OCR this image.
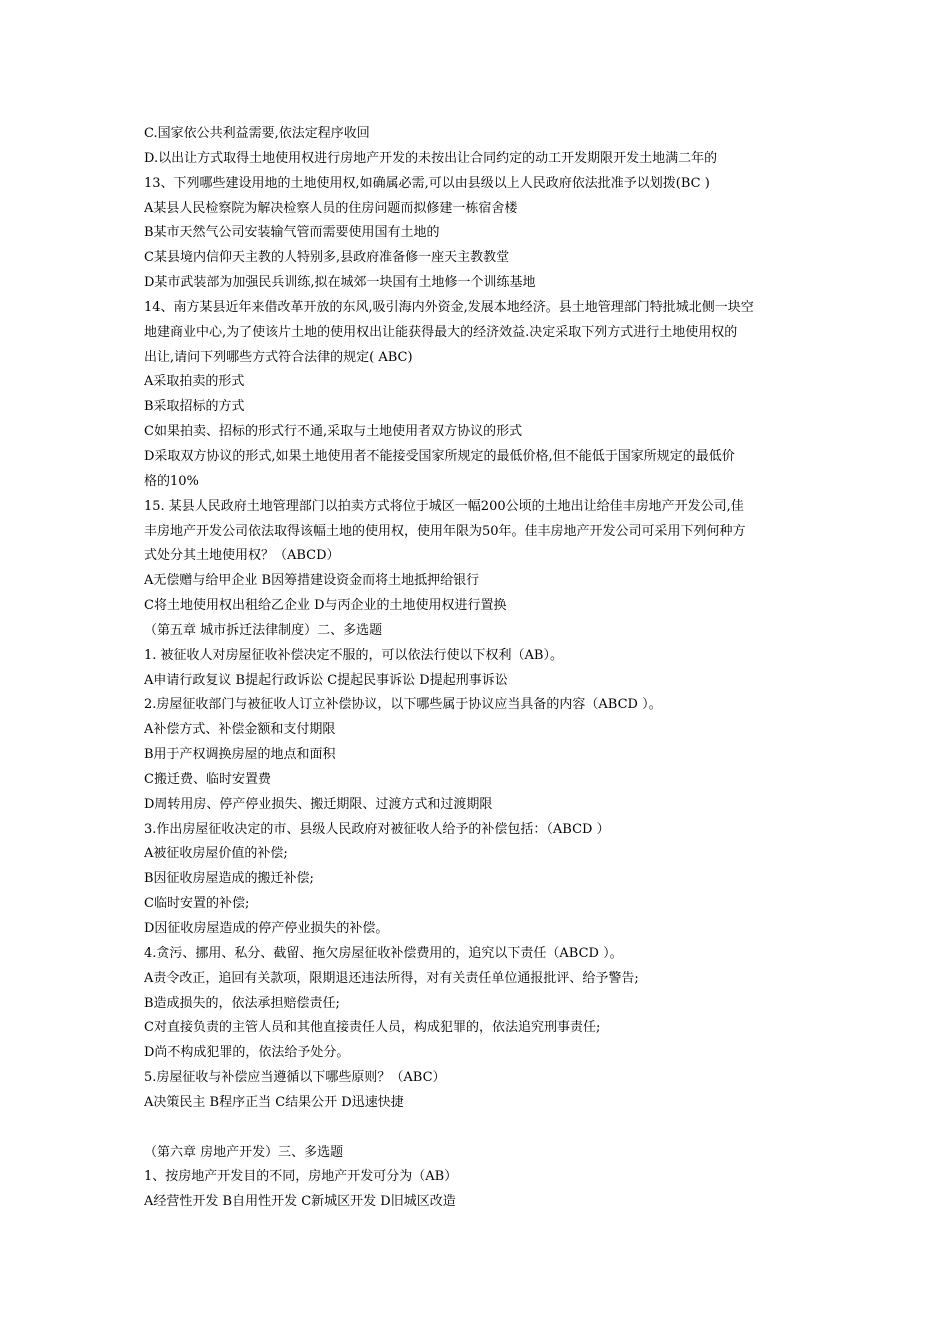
C.国家依公共利益需要,依法定程序收回
D.以出让方式取得土地使用权进行房地产开发的未按出让合同约定的动工开发期限开发土地满二年的
13、下列哪些建设用地的土地使用权,如确属必需,可以由县级以上人民政府依法批准予以划拨(BC )
A某县人民检察院为解决检察人员的住房问题而拟修建一栋宿舍楼
B某市天然气公司安装输气管而需要使用国有土地的
C某县境内信仰天主教的人特别多,县政府准备修一座天主教教堂
D某市武装部为加强民兵训练,拟在城郊一块国有土地修一个训练基地
14、南方某县近年来借改革开放的东风,吸引海内外资金,发展本地经济。县土地管理部门特批城北侧一块空
地建商业中心,为了使该片土地的使用权出让能获得最大的经济效益.决定采取下列方式进行土地使用权的
出让,请问下列哪些方式符合法律的规定( ABC)
A采取拍卖的形式
B采取招标的方式
C如果拍卖、招标的形式行不通,采取与土地使用者双方协议的形式
D采取双方协议的形式,如果土地使用者不能接受国家所规定的最低价格,但不能低于国家所规定的最低价
格的10%
15. 某县人民政府土地管理部门以拍卖方式将位于城区一幅200公顷的土地出让给佳丰房地产开发公司,佳
丰房地产开发公司依法取得该幅土地的使用权，使用年限为50年。佳丰房地产开发公司可采用下列何种方
式处分其土地使用权？（ABCD）
A无偿赠与给甲企业 B因筹措建设资金而将土地抵押给银行
C将土地使用权出租给乙企业 D与丙企业的土地使用权进行置换
（第五章 城市拆迁法律制度）二、多选题
1. 被征收人对房屋征收补偿决定不服的，可以依法行使以下权利（AB）。
A申请行政复议 B提起行政诉讼 C提起民事诉讼 D提起刑事诉讼
2.房屋征收部门与被征收人订立补偿协议，以下哪些属于协议应当具备的内容（ABCD ）。
A补偿方式、补偿金额和支付期限
B用于产权调换房屋的地点和面积
C搬迁费、临时安置费
D周转用房、停产停业损失、搬迁期限、过渡方式和过渡期限
3.作出房屋征收决定的市、县级人民政府对被征收人给予的补偿包括：（ABCD ）
A被征收房屋价值的补偿;
B因征收房屋造成的搬迁补偿;
C临时安置的补偿;
D因征收房屋造成的停产停业损失的补偿。
4.贪污、挪用、私分、截留、拖欠房屋征收补偿费用的，追究以下责任（ABCD ）。
A责令改正，追回有关款项，限期退还违法所得，对有关责任单位通报批评、给予警告;
B造成损失的，依法承担赔偿责任;
C对直接负责的主管人员和其他直接责任人员，构成犯罪的，依法追究刑事责任;
D尚不构成犯罪的，依法给予处分。
5.房屋征收与补偿应当遵循以下哪些原则？（ABC）
A决策民主 B程序正当 C结果公开 D迅速快捷
（第六章 房地产开发）三、多选题
1、按房地产开发目的不同，房地产开发可分为（AB）
A经营性开发 B自用性开发 C新城区开发 D旧城区改造
